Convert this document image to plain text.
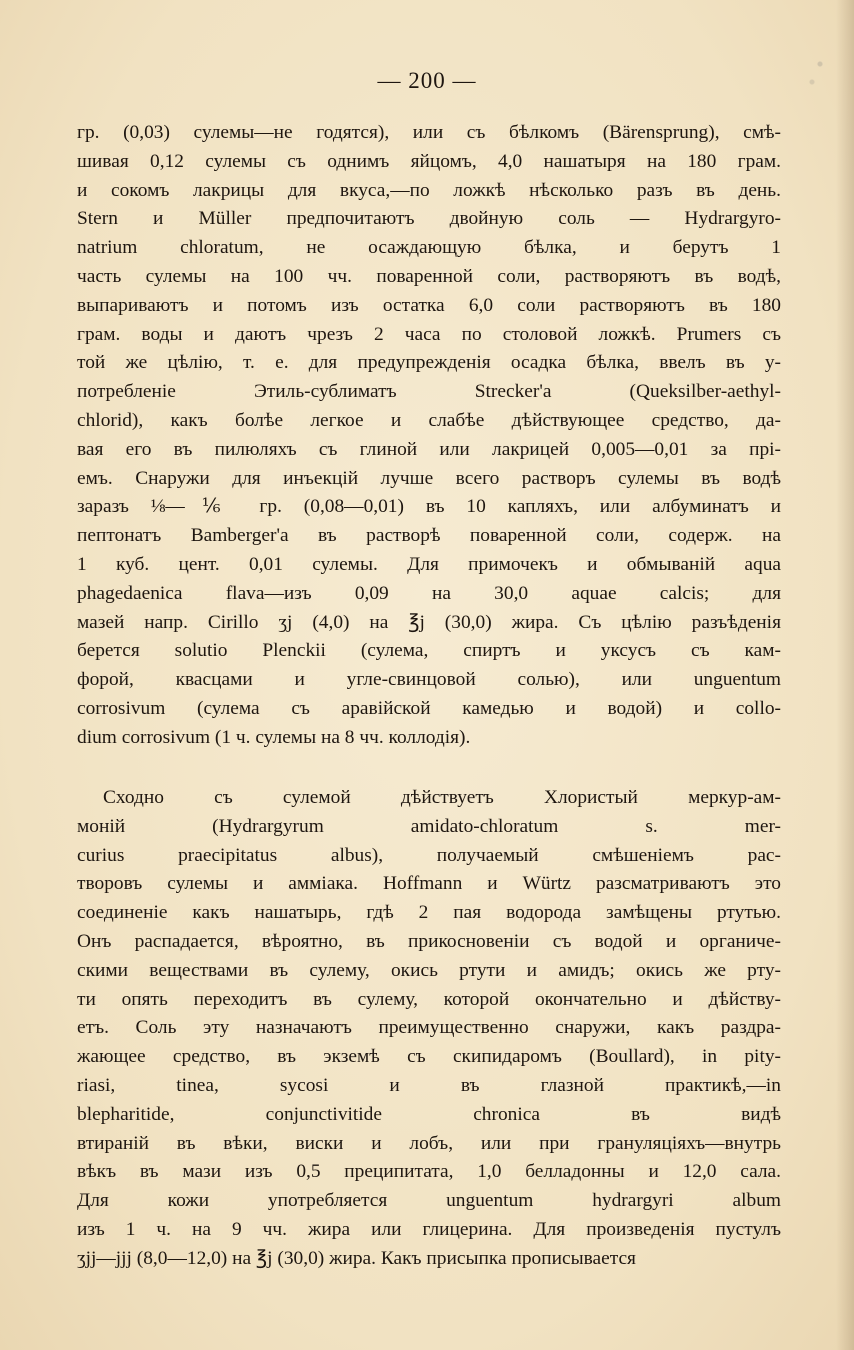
— 200 —
гр. (0,03) сулемы—не годятся), или съ бѣлкомъ (Bärensprung), смѣ-
шивая 0,12 сулемы съ однимъ яйцомъ, 4,0 нашатыря на 180 грам.
и сокомъ лакрицы для вкуса,—по ложкѣ нѣсколько разъ въ день.
Stern и Müller предпочитаютъ двойную соль — Hydrargyro-
natrium chloratum, не осаждающую бѣлка, и берутъ 1
часть сулемы на 100 чч. поваренной соли, растворяютъ въ водѣ,
выпариваютъ и потомъ изъ остатка 6,0 соли растворяютъ въ 180
грам. воды и даютъ чрезъ 2 часа по столовой ложкѣ. Prumers съ
той же цѣлію, т. е. для предупрежденія осадка бѣлка, ввелъ въ у-
потребленіе Этиль-сублиматъ Strecker'a (Queksilber-aethyl-
chlorid), какъ болѣе легкое и слабѣе дѣйствующее средство, да-
вая его въ пилюляхъ съ глиной или лакрицей 0,005—0,01 за прі-
емъ. Снаружи для инъекцій лучше всего растворъ сулемы въ водѣ
заразъ ⅛—⅙ гр. (0,08—0,01) въ 10 капляхъ, или албуминатъ и
пептонатъ Bamberger'a въ растворѣ поваренной соли, содерж. на
1 куб. цент. 0,01 сулемы. Для примочекъ и обмываній aqua
phagedaenica flava—изъ 0,09 на 30,0 aquae calcis; для
мазей напр. Cirillo ʒj (4,0) на ℥j (30,0) жира. Съ цѣлію разъѣденія
берется solutio Plenckii (сулема, спиртъ и уксусъ съ кам-
форой, квасцами и угле-свинцовой солью), или unguentum
corrosivum (сулема съ аравійской камедью и водой) и collo-
dium corrosivum (1 ч. сулемы на 8 чч. коллодія).
Сходно съ сулемой дѣйствуетъ Хлористый меркур-ам-
моній (Hydrargyrum amidato-chloratum s. mer-
curius praecipitatus albus), получаемый смѣшеніемъ рас-
творовъ сулемы и амміака. Hoffmann и Würtz разсматриваютъ это
соединеніе какъ нашатырь, гдѣ 2 пая водорода замѣщены ртутью.
Онъ распадается, вѣроятно, въ прикосновеніи съ водой и органиче-
скими веществами въ сулему, окись ртути и амидъ; окись же рту-
ти опять переходитъ въ сулему, которой окончательно и дѣйству-
етъ. Соль эту назначаютъ преимущественно снаружи, какъ раздра-
жающее средство, въ экземѣ съ скипидаромъ (Boullard), in pity-
riasi, tinea, sycosi и въ глазной практикѣ,—in
blepharitide, conjunctivitide chronica въ видѣ
втираній въ вѣки, виски и лобъ, или при грануляціяхъ—внутрь
вѣкъ въ мази изъ 0,5 преципитата, 1,0 белладонны и 12,0 сала.
Для кожи употребляется unguentum hydrargyri album
изъ 1 ч. на 9 чч. жира или глицерина. Для произведенія пустулъ
ʒjj—jjj (8,0—12,0) на ℥j (30,0) жира. Какъ присыпка прописывается
